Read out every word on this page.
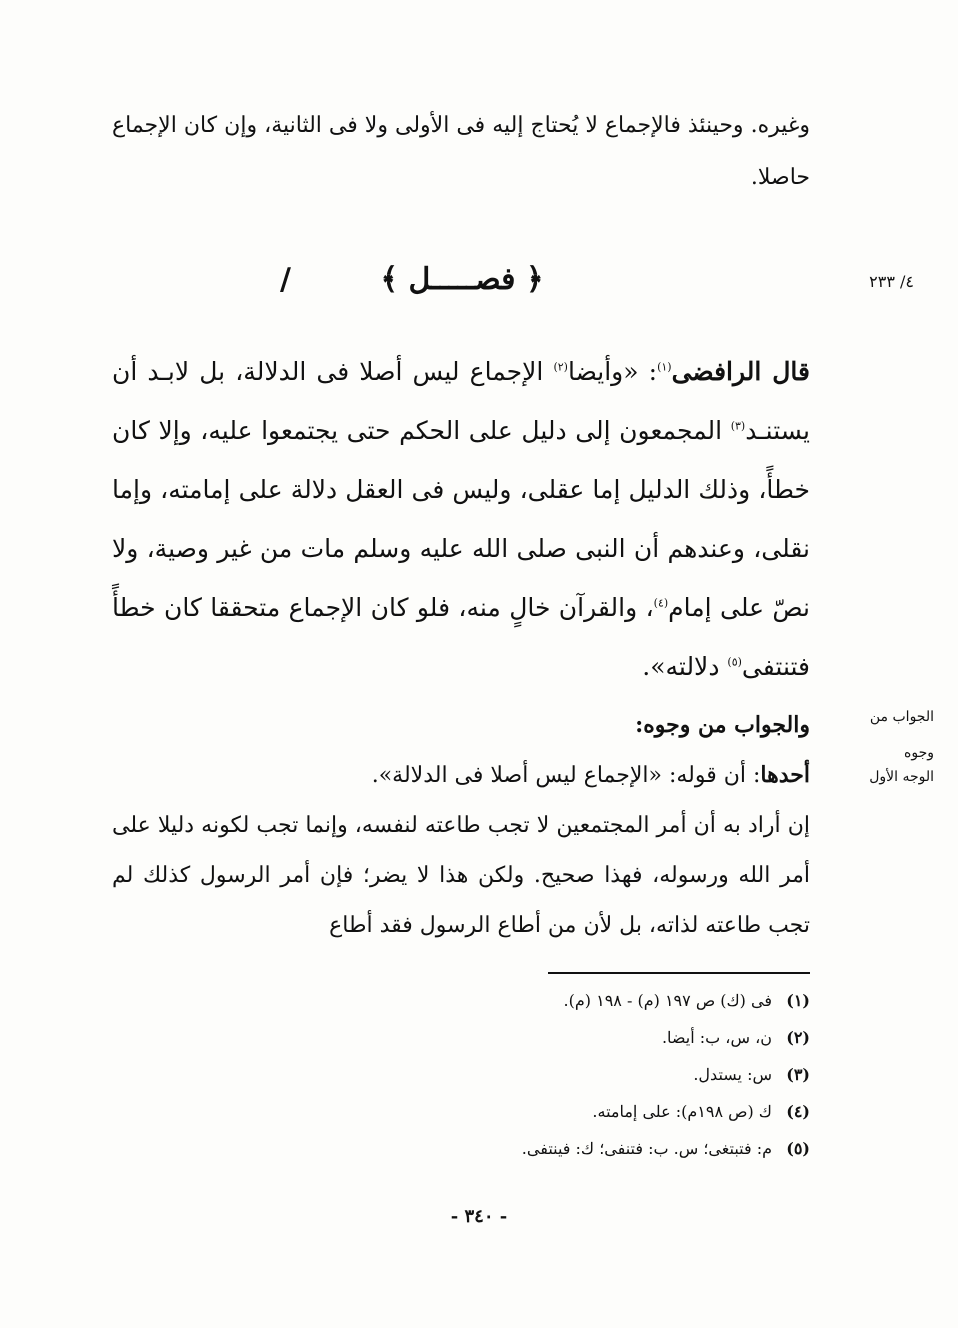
وغيره. وحينئذ فالإجماع لا يُحتاج إليه فى الأولى ولا فى الثانية، وإن كان الإجماع حاصلا.

﴿ فصـــــل ﴾
/	٤/ ٢٣٣

قال الرافضى$^{(١)}$: «وأيضا$^{(٢)}$ الإجماع ليس أصلا فى الدلالة، بل لابـد أن يستنـد$^{(٣)}$ المجمعون إلى دليل على الحكم حتى يجتمعوا عليه، وإلا كان خطأً، وذلك الدليل إما عقلى، وليس فى العقل دلالة على إمامته، وإما نقلى، وعندهم أن النبى صلى الله عليه وسلم مات من غير وصية، ولا نصّ على إمام$^{(٤)}$، والقرآن خالٍ منه، فلو كان الإجماع متحققا كان خطأً فتنتفى$^{(٥)}$ دلالته».

والجواب من وجوه:
أحدها: أن قوله: «الإجماع ليس أصلا فى الدلالة».
إن أراد به أن أمر المجتمعين لا تجب طاعته لنفسه، وإنما تجب لكونه دليلا على أمر الله ورسوله، فهذا صحيح. ولكن هذا لا يضر؛ فإن أمر الرسول كذلك لم تجب طاعته لذاته، بل لأن من أطاع الرسول فقد أطاع
الجواب من
وجوه
الوجه الأول
(١)فى (ك) ص ١٩٧ (م) - ١٩٨ (م).
(٢)ن، س، ب: أيضا.
(٣)س: يستدل.
(٤)ك (ص ١٩٨م): على إمامته.
(٥)م: فتبتغى؛ س. ب: فتنفى؛ ك: فينتفى.
- ٣٤٠ -
